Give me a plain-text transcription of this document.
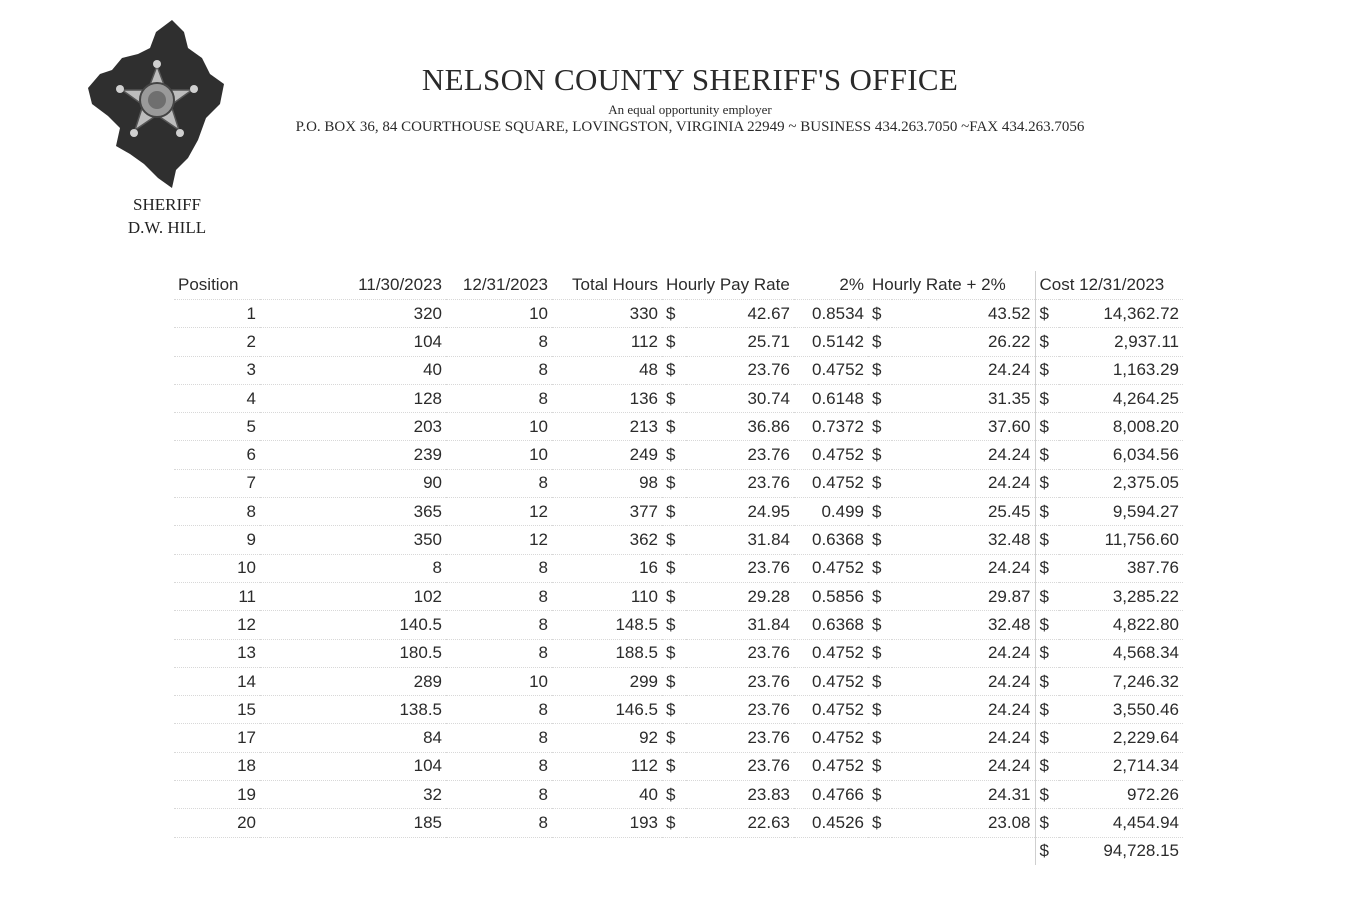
SHERIFF
D.W. HILL
NELSON COUNTY SHERIFF'S OFFICE
An equal opportunity employer
P.O. BOX 36, 84 COURTHOUSE SQUARE, LOVINGSTON, VIRGINIA 22949 ~ BUSINESS 434.263.7050 ~FAX 434.263.7056
Position	11/30/2023	12/31/2023	Total Hours	Hourly Pay Rate		2%	Hourly Rate + 2%		Cost 12/31/2023	
1	320	10	330	$	42.67	0.8534	$	43.52	$	14,362.72
2	104	8	112	$	25.71	0.5142	$	26.22	$	2,937.11
3	40	8	48	$	23.76	0.4752	$	24.24	$	1,163.29
4	128	8	136	$	30.74	0.6148	$	31.35	$	4,264.25
5	203	10	213	$	36.86	0.7372	$	37.60	$	8,008.20
6	239	10	249	$	23.76	0.4752	$	24.24	$	6,034.56
7	90	8	98	$	23.76	0.4752	$	24.24	$	2,375.05
8	365	12	377	$	24.95	0.499	$	25.45	$	9,594.27
9	350	12	362	$	31.84	0.6368	$	32.48	$	11,756.60
10	8	8	16	$	23.76	0.4752	$	24.24	$	387.76
11	102	8	110	$	29.28	0.5856	$	29.87	$	3,285.22
12	140.5	8	148.5	$	31.84	0.6368	$	32.48	$	4,822.80
13	180.5	8	188.5	$	23.76	0.4752	$	24.24	$	4,568.34
14	289	10	299	$	23.76	0.4752	$	24.24	$	7,246.32
15	138.5	8	146.5	$	23.76	0.4752	$	24.24	$	3,550.46
17	84	8	92	$	23.76	0.4752	$	24.24	$	2,229.64
18	104	8	112	$	23.76	0.4752	$	24.24	$	2,714.34
19	32	8	40	$	23.83	0.4766	$	24.31	$	972.26
20	185	8	193	$	22.63	0.4526	$	23.08	$	4,454.94
									$	94,728.15
